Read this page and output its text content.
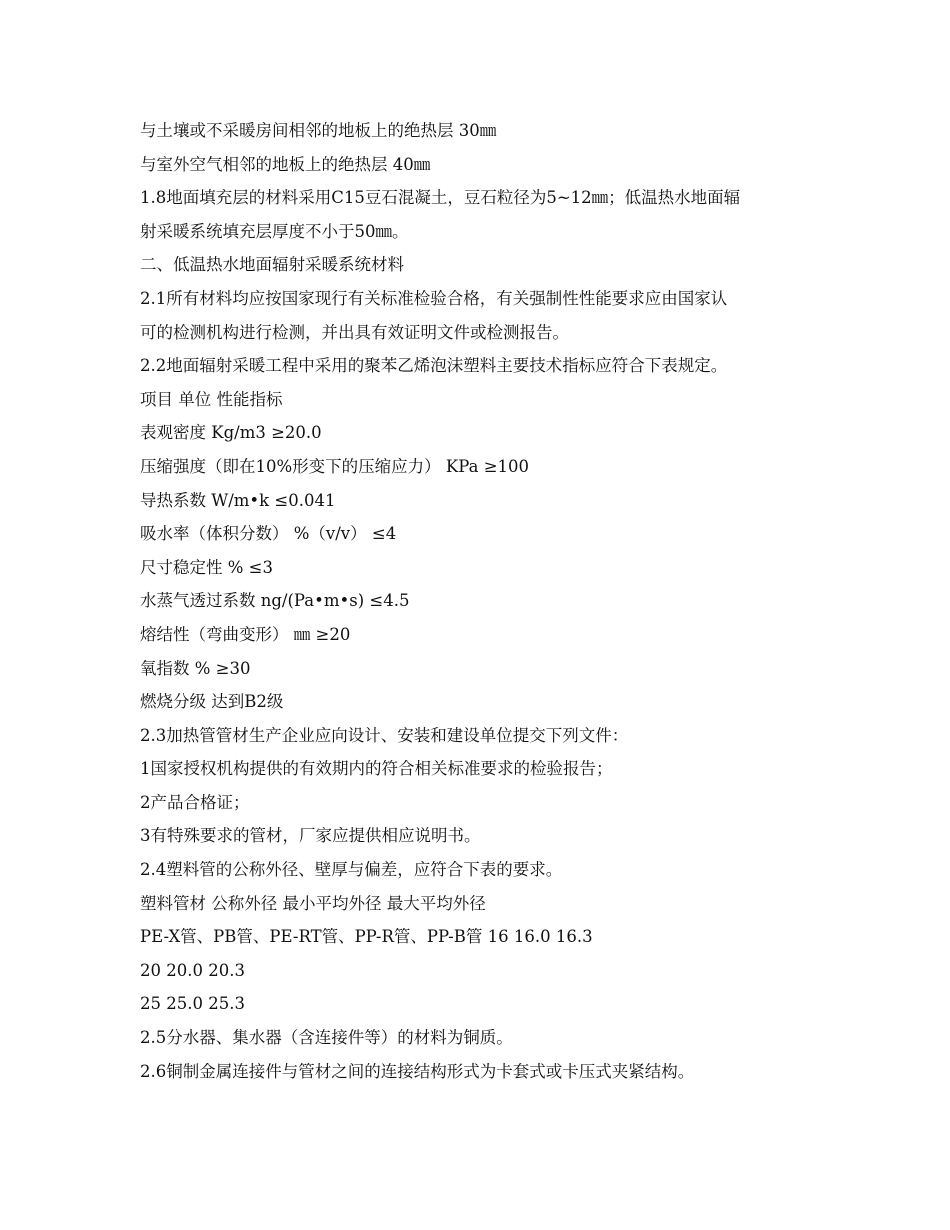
与土壤或不采暖房间相邻的地板上的绝热层 30㎜
与室外空气相邻的地板上的绝热层 40㎜
1.8地面填充层的材料采用C15豆石混凝土，豆石粒径为5~12㎜；低温热水地面辐
射采暖系统填充层厚度不小于50㎜。
二、低温热水地面辐射采暖系统材料
2.1所有材料均应按国家现行有关标准检验合格，有关强制性性能要求应由国家认
可的检测机构进行检测，并出具有效证明文件或检测报告。
2.2地面辐射采暖工程中采用的聚苯乙烯泡沫塑料主要技术指标应符合下表规定。
项目 单位 性能指标
表观密度 Kg/m3 ≥20.0
压缩强度（即在10%形变下的压缩应力） KPa ≥100
导热系数 W/m•k ≤0.041
吸水率（体积分数） %（v/v） ≤4
尺寸稳定性 % ≤3
水蒸气透过系数 ng/(Pa•m•s) ≤4.5
熔结性（弯曲变形） ㎜ ≥20
氧指数 % ≥30
燃烧分级 达到B2级
2.3加热管管材生产企业应向设计、安装和建设单位提交下列文件：
1国家授权机构提供的有效期内的符合相关标准要求的检验报告；
2产品合格证；
3有特殊要求的管材，厂家应提供相应说明书。
2.4塑料管的公称外径、壁厚与偏差，应符合下表的要求。
塑料管材 公称外径 最小平均外径 最大平均外径
PE-X管、PB管、PE-RT管、PP-R管、PP-B管 16 16.0 16.3
20 20.0 20.3
25 25.0 25.3
2.5分水器、集水器（含连接件等）的材料为铜质。
2.6铜制金属连接件与管材之间的连接结构形式为卡套式或卡压式夹紧结构。
